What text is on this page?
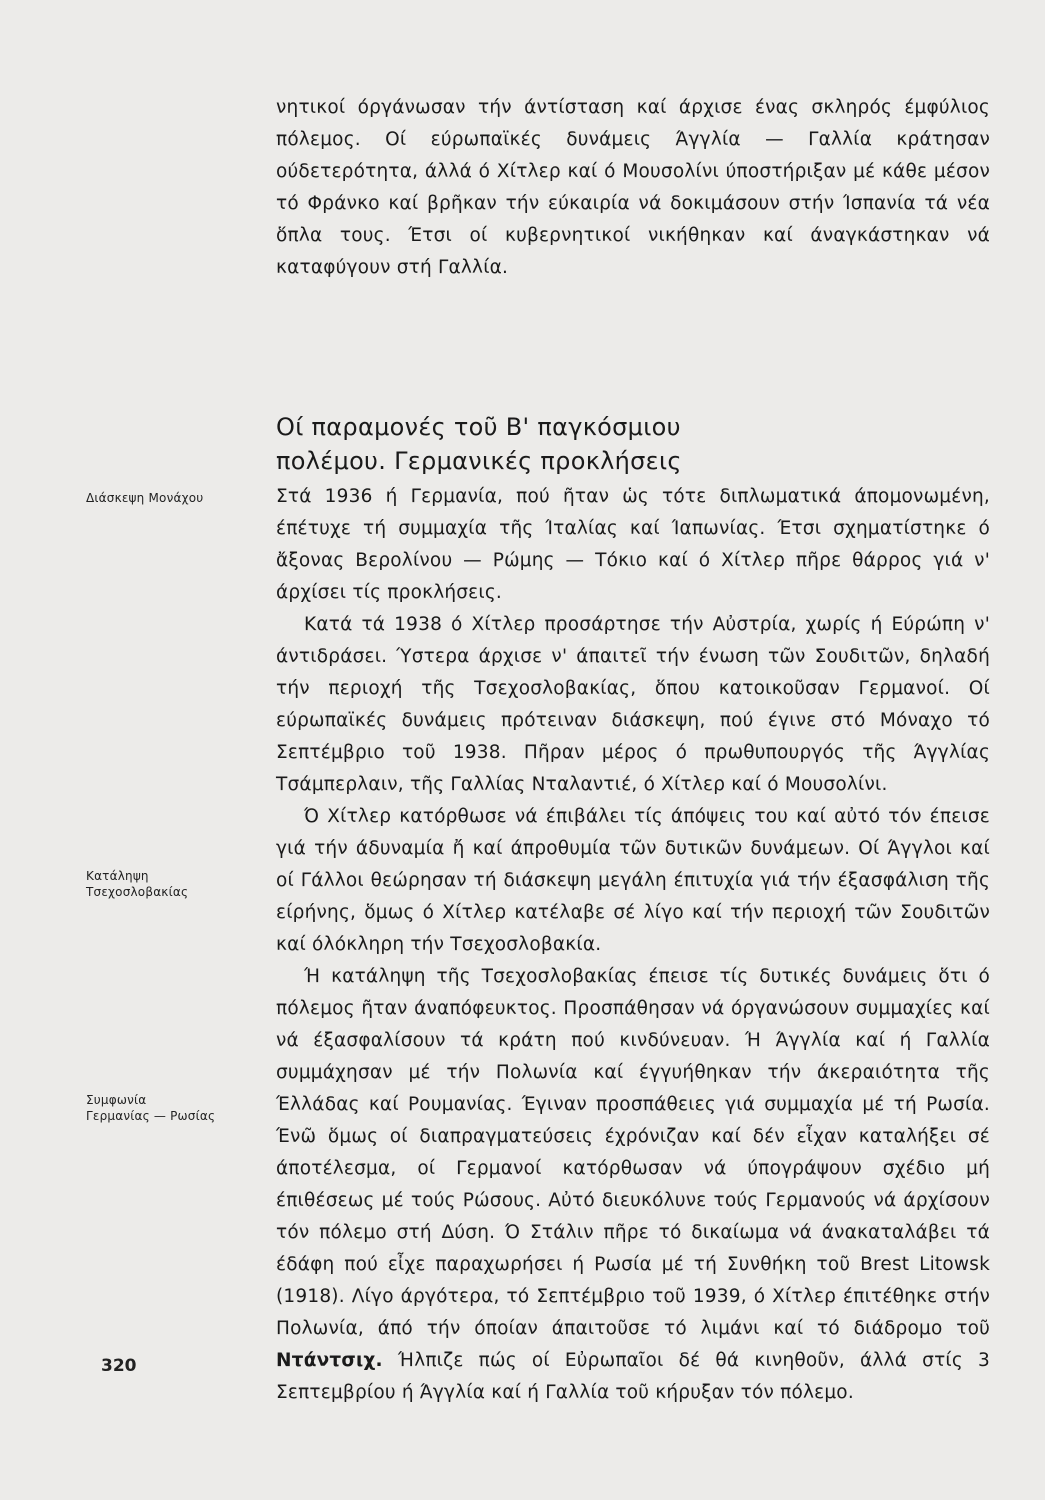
νητικοί όργάνωσαν τήν άντίσταση καί άρχισε ένας σκληρός έμφύλιος πόλεμος. Οί εύρωπαϊκές δυνάμεις Άγγλία — Γαλλία κράτησαν ούδετερότητα, άλλά ό Χίτλερ καί ό Μουσολίνι ύποστήριξαν μέ κάθε μέσον τό Φράνκο καί βρῆκαν τήν εύκαιρία νά δοκιμάσουν στήν Ίσπανία τά νέα ὅπλα τους. Έτσι οί κυβερνητικοί νικήθηκαν καί άναγκάστηκαν νά καταφύγουν στή Γαλλία.

Οί παραμονές τοῦ Β' παγκόσμιου
πολέμου. Γερμανικές προκλήσεις
Διάσκεψη Μονάχου
Κατάληψη
Τσεχοσλοβακίας
Συμφωνία
Γερμανίας — Ρωσίας

Στά 1936 ή Γερμανία, πού ῆταν ὡς τότε διπλωματικά άπομονωμένη, έπέτυχε τή συμμαχία τῆς Ίταλίας καί Ίαπωνίας. Έτσι σχηματίστηκε ό ἄξονας Βερολίνου — Ρώμης — Τόκιο καί ό Χίτλερ πῆρε θάρρος γιά ν' άρχίσει τίς προκλήσεις.

Κατά τά 1938 ό Χίτλερ προσάρτησε τήν Αὐστρία, χωρίς ή Εύρώπη ν' άντιδράσει. Ύστερα άρχισε ν' άπαιτεῖ τήν ένωση τῶν Σουδιτῶν, δηλαδή τήν περιοχή τῆς Τσεχοσλοβακίας, ὅπου κατοικοῦσαν Γερμανοί. Οί εύρωπαϊκές δυνάμεις πρότειναν διάσκεψη, πού έγινε στό Μόναχο τό Σεπτέμβριο τοῦ 1938. Πῆραν μέρος ό πρωθυπουργός τῆς Άγγλίας Τσάμπερλαιν, τῆς Γαλλίας Νταλαντιέ, ό Χίτλερ καί ό Μουσολίνι.

Ό Χίτλερ κατόρθωσε νά έπιβάλει τίς άπόψεις του καί αὐτό τόν έπεισε γιά τήν άδυναμία ἤ καί άπροθυμία τῶν δυτικῶν δυνάμεων. Οί Άγγλοι καί οί Γάλλοι θεώρησαν τή διάσκεψη μεγάλη έπιτυχία γιά τήν έξασφάλιση τῆς είρήνης, ὅμως ό Χίτλερ κατέλαβε σέ λίγο καί τήν περιοχή τῶν Σουδιτῶν καί όλόκληρη τήν Τσεχοσλοβακία.

Ή κατάληψη τῆς Τσεχοσλοβακίας έπεισε τίς δυτικές δυνάμεις ὅτι ό πόλεμος ῆταν άναπόφευκτος. Προσπάθησαν νά όργανώσουν συμμαχίες καί νά έξασφαλίσουν τά κράτη πού κινδύνευαν. Ή Άγγλία καί ή Γαλλία συμμάχησαν μέ τήν Πολωνία καί έγγυήθηκαν τήν άκεραιότητα τῆς Έλλάδας καί Ρουμανίας. Έγιναν προσπάθειες γιά συμμαχία μέ τή Ρωσία. Ένῶ ὅμως οί διαπραγματεύσεις έχρόνιζαν καί δέν εἶχαν καταλήξει σέ άποτέλεσμα, οί Γερμανοί κατόρθωσαν νά ύπογράψουν σχέδιο μή έπιθέσεως μέ τούς Ρώσους. Αὐτό διευκόλυνε τούς Γερμανούς νά άρχίσουν τόν πόλεμο στή Δύση. Ό Στάλιν πῆρε τό δικαίωμα νά άνακαταλάβει τά έδάφη πού εἶχε παραχωρήσει ή Ρωσία μέ τή Συνθήκη τοῦ Brest Litowsk (1918). Λίγο άργότερα, τό Σεπτέμβριο τοῦ 1939, ό Χίτλερ έπιτέθηκε στήν Πολωνία, άπό τήν όποίαν άπαιτοῦσε τό λιμάνι καί τό διάδρομο τοῦ Ντάντσιχ. Ήλπιζε πώς οί Εὐρωπαῖοι δέ θά κινηθοῦν, άλλά στίς 3 Σεπτεμβρίου ή Άγγλία καί ή Γαλλία τοῦ κήρυξαν τόν πόλεμο.

320
